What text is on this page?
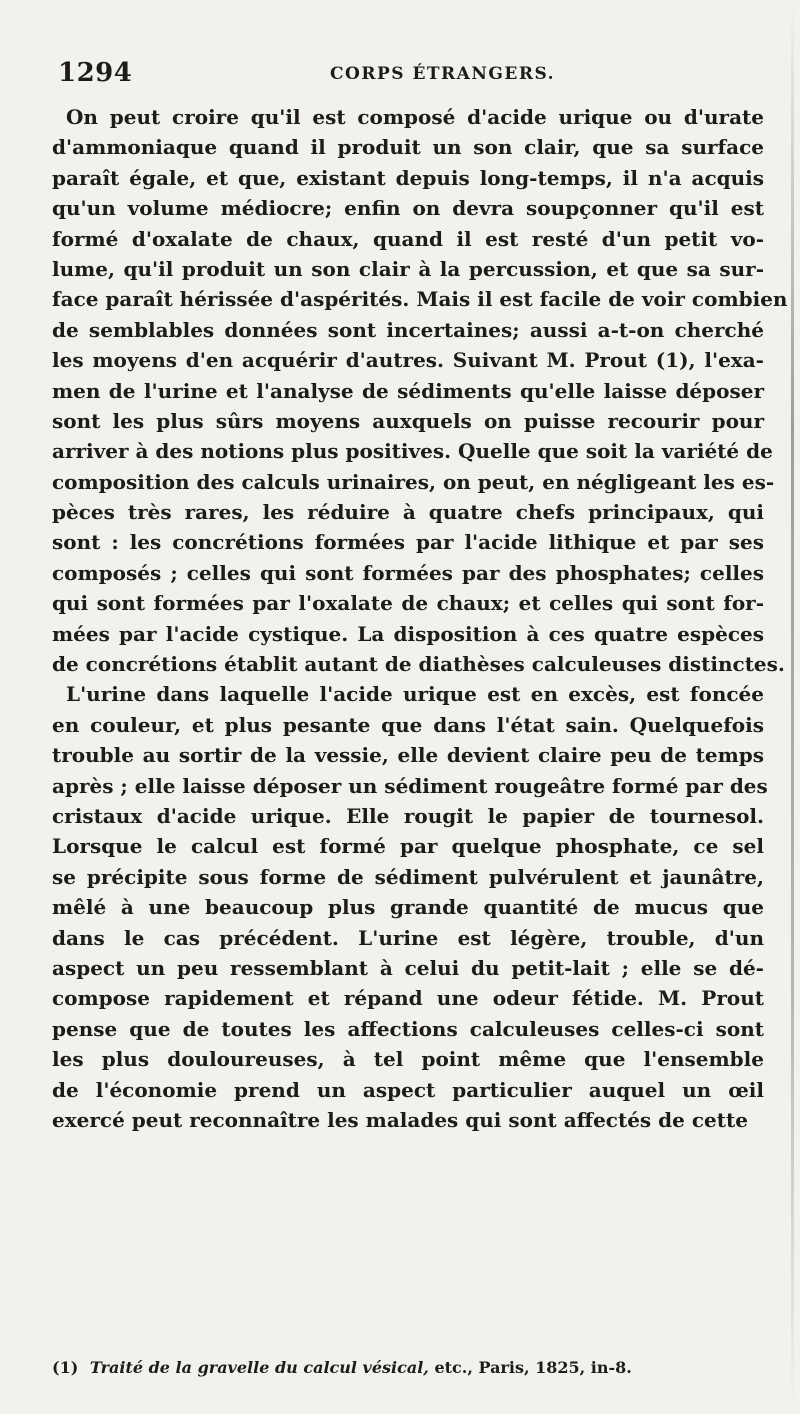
1294	CORPS ÉTRANGERS.
On peut croire qu'il est composé d'acide urique ou d'urate
d'ammoniaque quand il produit un son clair, que sa surface
paraît égale, et que, existant depuis long-temps, il n'a acquis
qu'un volume médiocre; enfin on devra soupçonner qu'il est
formé d'oxalate de chaux, quand il est resté d'un petit vo-
lume, qu'il produit un son clair à la percussion, et que sa sur-
face paraît hérissée d'aspérités. Mais il est facile de voir combien
de semblables données sont incertaines; aussi a-t-on cherché
les moyens d'en acquérir d'autres. Suivant M. Prout (1), l'exa-
men de l'urine et l'analyse de sédiments qu'elle laisse déposer
sont les plus sûrs moyens auxquels on puisse recourir pour
arriver à des notions plus positives. Quelle que soit la variété de
composition des calculs urinaires, on peut, en négligeant les es-
pèces très rares, les réduire à quatre chefs principaux, qui
sont : les concrétions formées par l'acide lithique et par ses
composés ; celles qui sont formées par des phosphates; celles
qui sont formées par l'oxalate de chaux; et celles qui sont for-
mées par l'acide cystique. La disposition à ces quatre espèces
de concrétions établit autant de diathèses calculeuses distinctes.
L'urine dans laquelle l'acide urique est en excès, est foncée
en couleur, et plus pesante que dans l'état sain. Quelquefois
trouble au sortir de la vessie, elle devient claire peu de temps
après ; elle laisse déposer un sédiment rougeâtre formé par des
cristaux d'acide urique. Elle rougit le papier de tournesol.
Lorsque le calcul est formé par quelque phosphate, ce sel
se précipite sous forme de sédiment pulvérulent et jaunâtre,
mêlé à une beaucoup plus grande quantité de mucus que
dans le cas précédent. L'urine est légère, trouble, d'un
aspect un peu ressemblant à celui du petit-lait ; elle se dé-
compose rapidement et répand une odeur fétide. M. Prout
pense que de toutes les affections calculeuses celles-ci sont
les plus douloureuses, à tel point même que l'ensemble
de l'économie prend un aspect particulier auquel un œil
exercé peut reconnaître les malades qui sont affectés de cette
(1) Traité de la gravelle du calcul vésical, etc., Paris, 1825, in-8.
